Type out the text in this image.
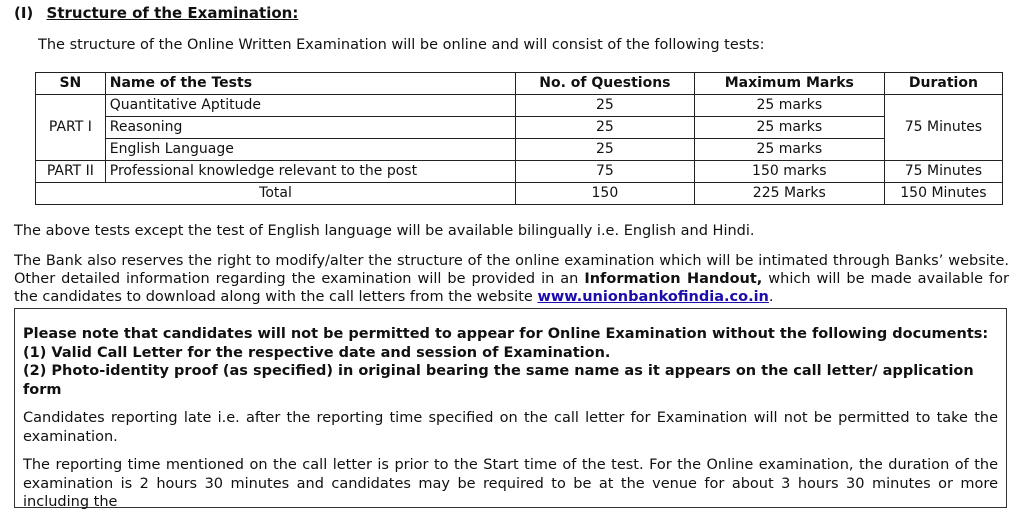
(I) Structure of the Examination:
The structure of the Online Written Examination will be online and will consist of the following tests:
SN	Name of the Tests	No. of Questions	Maximum Marks	Duration
PART I	Quantitative Aptitude	25	25 marks	75 Minutes
	Reasoning	25	25 marks	
	English Language	25	25 marks	
PART II	Professional knowledge relevant to the post	75	150 marks	75 Minutes
Total		150	225 Marks	150 Minutes
The above tests except the test of English language will be available bilingually i.e. English and Hindi.
The Bank also reserves the right to modify/alter the structure of the online examination which will be intimated through Banks’ website. Other detailed information regarding the examination will be provided in an Information Handout, which will be made available for the candidates to download along with the call letters from the website www.unionbankofindia.co.in.
Please note that candidates will not be permitted to appear for Online Examination without the following documents:
(1) Valid Call Letter for the respective date and session of Examination.
(2) Photo-identity proof (as specified) in original bearing the same name as it appears on the call letter/ application form
Candidates reporting late i.e. after the reporting time specified on the call letter for Examination will not be permitted to take the examination.
The reporting time mentioned on the call letter is prior to the Start time of the test. For the Online examination, the duration of the examination is 2 hours 30 minutes and candidates may be required to be at the venue for about 3 hours 30 minutes or more including the
